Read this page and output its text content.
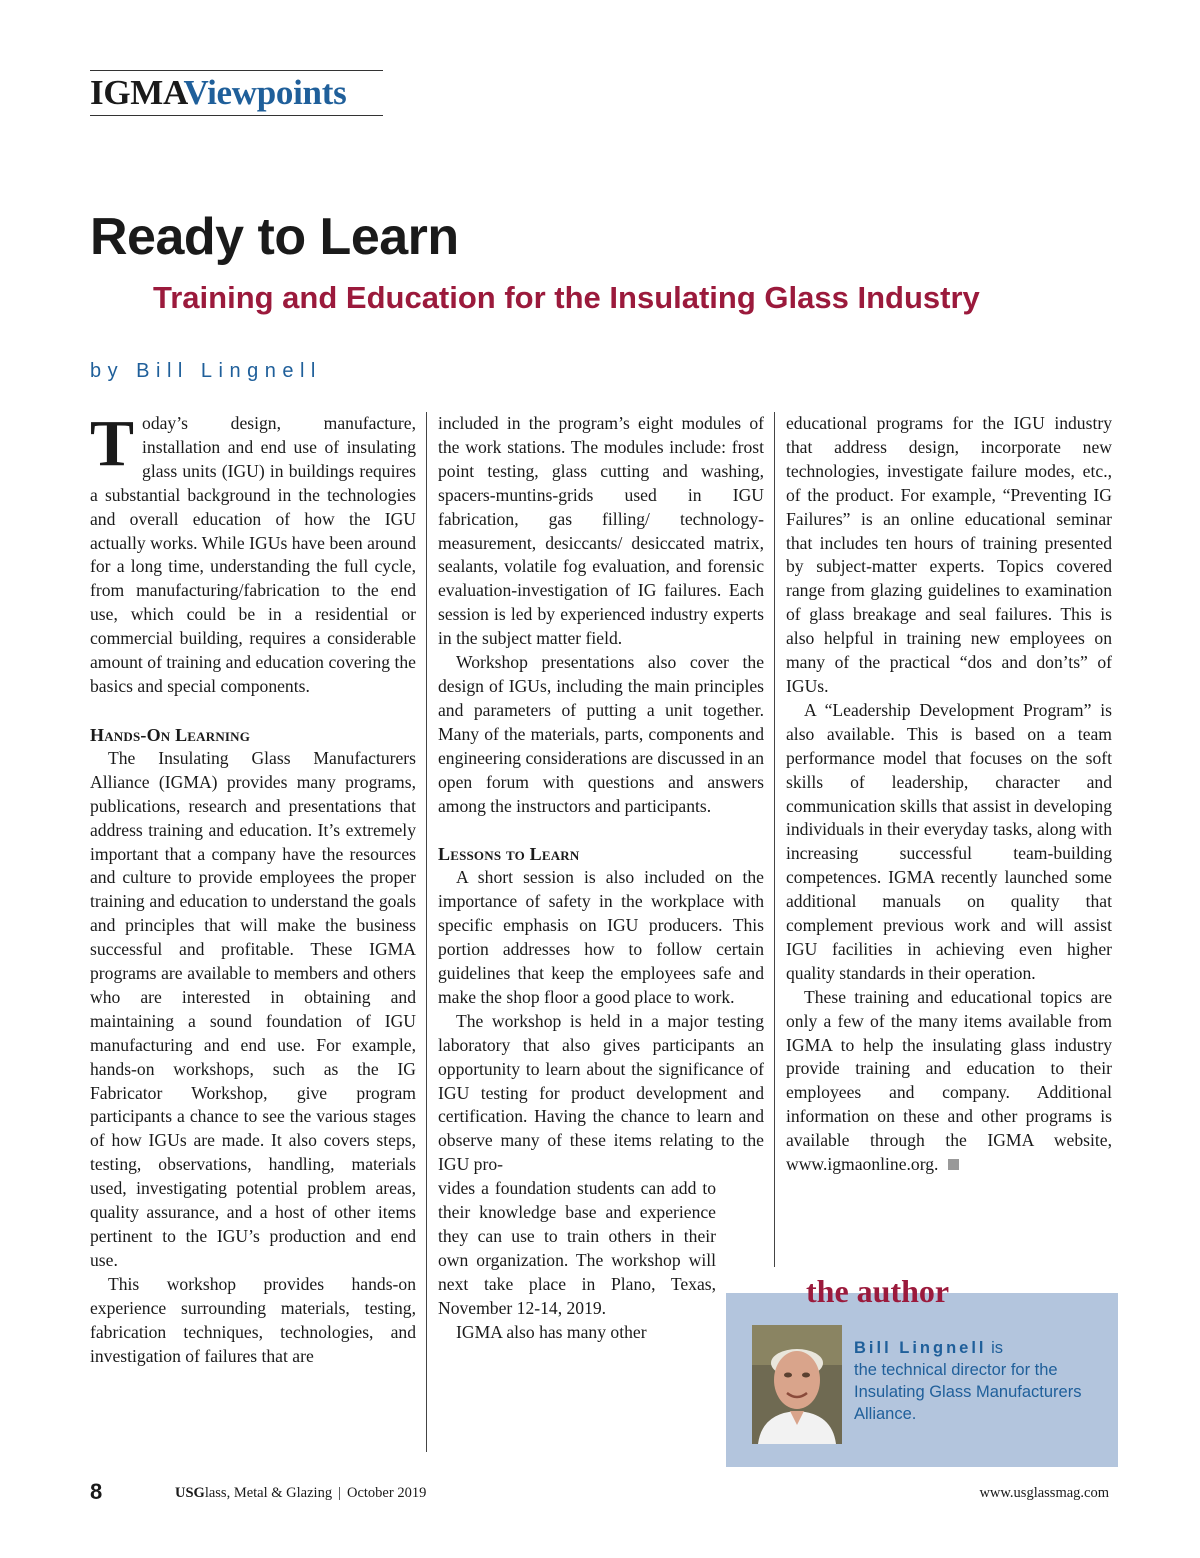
IGMAViewpoints
Ready to Learn
Training and Education for the Insulating Glass Industry
by Bill Lingnell

Today’s design, manufacture, installation and end use of insulating glass units (IGU) in buildings requires a substantial background in the technologies and overall education of how the IGU actually works. While IGUs have been around for a long time, understanding the full cycle, from manufacturing/fabrication to the end use, which could be in a residential or commercial building, requires a considerable amount of training and education covering the basics and special components.

Hands-On Learning

The Insulating Glass Manufacturers Alliance (IGMA) provides many programs, publications, research and presentations that address training and education. It’s extremely important that a company have the resources and culture to provide employees the proper training and education to understand the goals and principles that will make the business successful and profitable. These IGMA programs are available to members and others who are interested in obtaining and maintaining a sound foundation of IGU manufacturing and end use. For example, hands-on workshops, such as the IG Fabricator Workshop, give program participants a chance to see the various stages of how IGUs are made. It also covers steps, testing, observations, handling, materials used, investigating potential problem areas, quality assurance, and a host of other items pertinent to the IGU’s production and end use.

This workshop provides hands-on experience surrounding materials, testing, fabrication techniques, technologies, and investigation of failures that are

included in the program’s eight modules of the work stations. The modules include: frost point testing, glass cutting and washing, spacers-muntins-grids used in IGU fabrication, gas filling/ technology-measurement, desiccants/ desiccated matrix, sealants, volatile fog evaluation, and forensic evaluation-investigation of IG failures. Each session is led by experienced industry experts in the subject matter field.

Workshop presentations also cover the design of IGUs, including the main principles and parameters of putting a unit together. Many of the materials, parts, components and engineering considerations are discussed in an open forum with questions and answers among the instructors and participants.

Lessons to Learn

A short session is also included on the importance of safety in the workplace with specific emphasis on IGU producers. This portion addresses how to follow certain guidelines that keep the employees safe and make the shop floor a good place to work.

The workshop is held in a major testing laboratory that also gives participants an opportunity to learn about the significance of IGU testing for product development and certification. Having the chance to learn and observe many of these items relating to the IGU pro-

vides a foundation students can add to their knowledge base and experience they can use to train others in their own organization. The workshop will next take place in Plano, Texas, November 12-14, 2019.

IGMA also has many other

educational programs for the IGU industry that address design, incorporate new technologies, investigate failure modes, etc., of the product. For example, “Preventing IG Failures” is an online educational seminar that includes ten hours of training presented by subject-matter experts. Topics covered range from glazing guidelines to examination of glass breakage and seal failures. This is also helpful in training new employees on many of the practical “dos and don’ts” of IGUs.

A “Leadership Development Program” is also available. This is based on a team performance model that focuses on the soft skills of leadership, character and communication skills that assist in developing individuals in their everyday tasks, along with increasing successful team-building competences. IGMA recently launched some additional manuals on quality that complement previous work and will assist IGU facilities in achieving even higher quality standards in their operation.

These training and educational topics are only a few of the many items available from IGMA to help the insulating glass industry provide training and education to their employees and company. Additional information on these and other programs is available through the IGMA website, www.igmaonline.org.

the author
Bill Lingnell is
the technical director for the Insulating Glass Manufacturers Alliance.
8	USGlass, Metal & Glazing | October 2019	www.usglassmag.com
